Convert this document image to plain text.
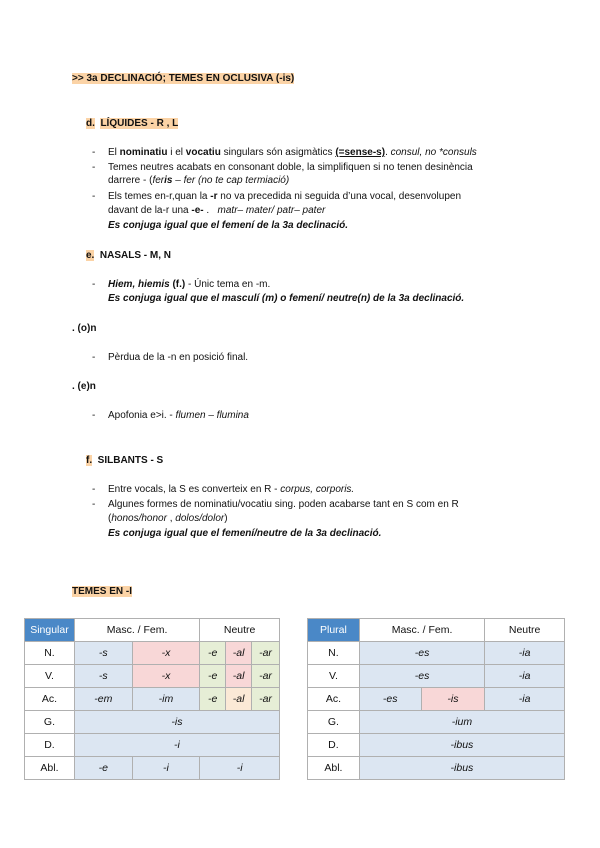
>> 3a DECLINACIÓ; TEMES EN OCLUSIVA (-is)
d. LÍQUIDES - R , L
- El nominatiu i el vocatiu singulars són asigmàtics (=sense-s). consul, no *consuls
- Temes neutres acabats en consonant doble, la simplifiquen si no tenen desinència
darrere - (feris – fer (no te cap termiació)
- Els temes en-r,quan la -r no va precedida ni seguida d’una vocal, desenvolupen
davant de la-r una -e- .   matr– mater/ patr– pater
Es conjuga igual que el femení de la 3a declinació.
e. NASALS - M, N
- Hiem, hiemis (f.) - Únic tema en -m.
Es conjuga igual que el masculí (m) o femení/ neutre(n) de la 3a declinació.
. (o)n
- Pèrdua de la -n en posició final.
. (e)n
- Apofonia e>i. - flumen – flumina
f. SILBANTS - S
- Entre vocals, la S es converteix en R - corpus, corporis.
- Algunes formes de nominatiu/vocatiu sing. poden acabarse tant en S com en R
(honos/honor , dolos/dolor)
Es conjuga igual que el femení/neutre de la 3a declinació.
TEMES EN -I
Singular	Masc. / Fem.		Neutre		
N.	-s	-x	-e	-al	-ar
V.	-s	-x	-e	-al	-ar
Ac.	-em	-im	-e	-al	-ar
G.	-is				
D.	-i				
Abl.	-e	-i	-i		
Plural	Masc. / Fem.		Neutre
N.	-es		-ia
V.	-es		-ia
Ac.	-es	-is	-ia
G.	-ium		
D.	-ibus		
Abl.	-ibus		
